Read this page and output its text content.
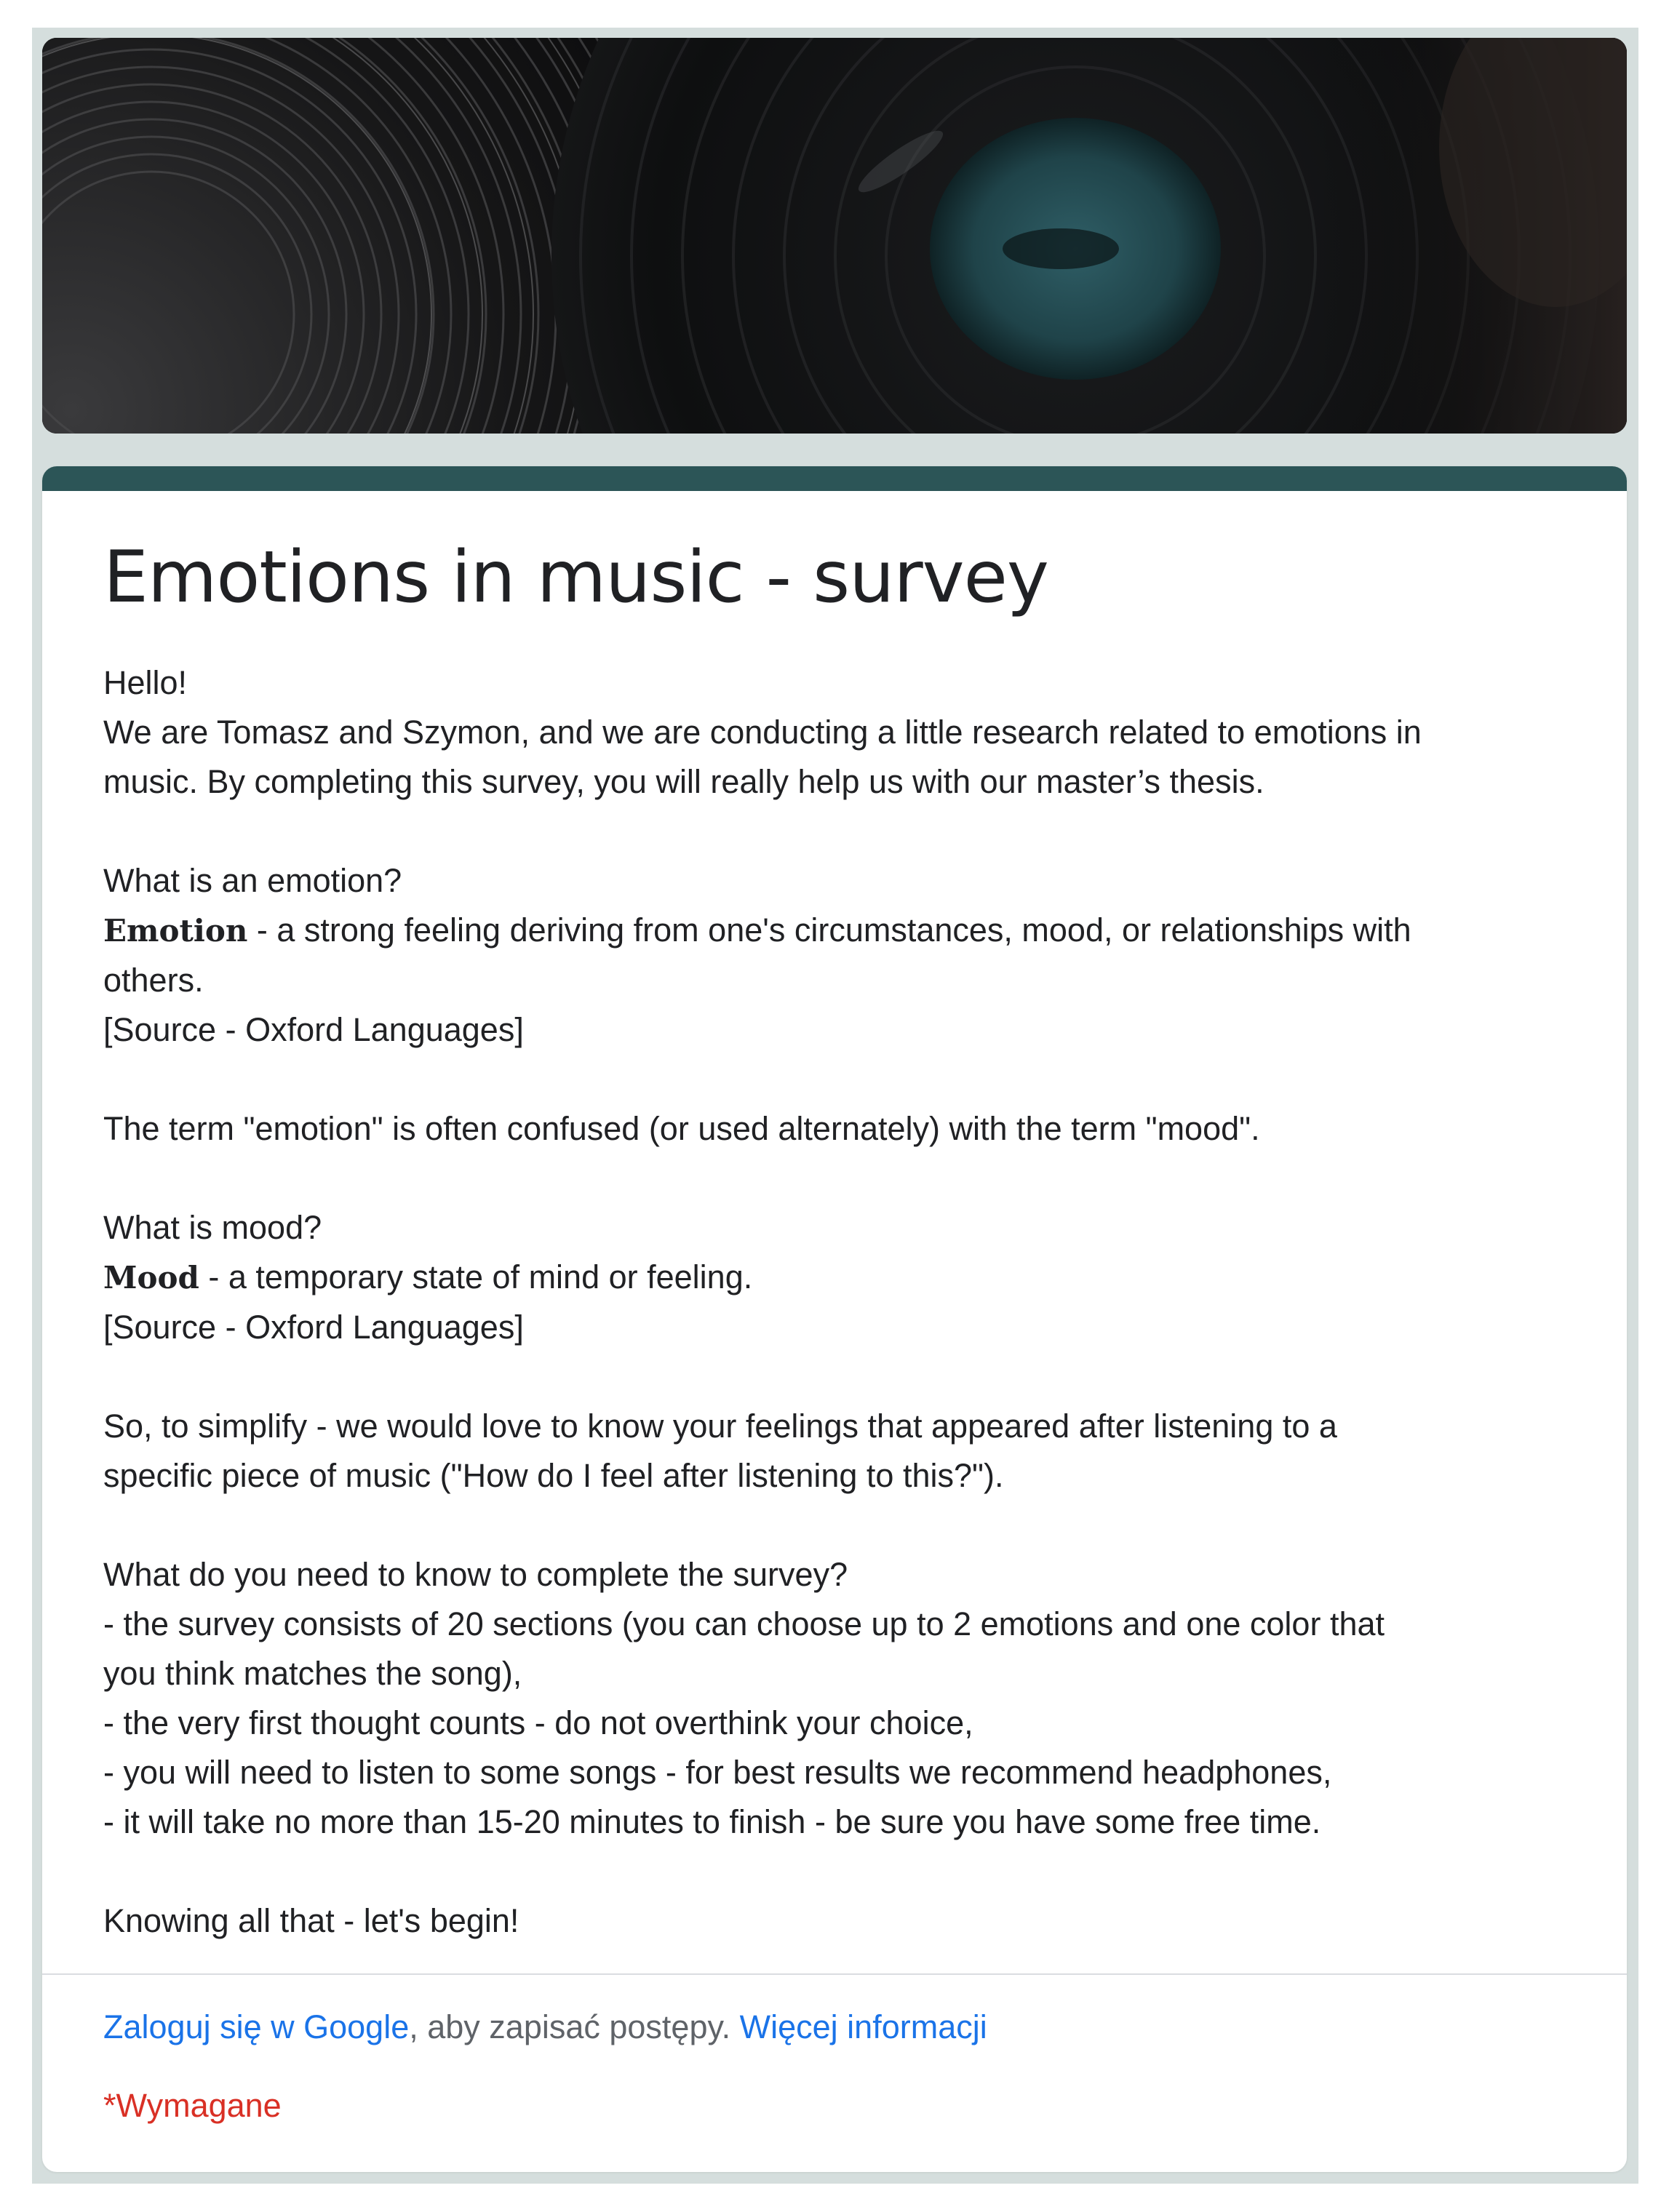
Emotions in music - survey
Hello!
We are Tomasz and Szymon, and we are conducting a little research related to emotions in
music. By completing this survey, you will really help us with our master’s thesis.
What is an emotion?
Emotion - a strong feeling deriving from one's circumstances, mood, or relationships with
others.
[Source - Oxford Languages]
The term "emotion" is often confused (or used alternately) with the term "mood".
What is mood?
Mood - a temporary state of mind or feeling.
[Source - Oxford Languages]
So, to simplify - we would love to know your feelings that appeared after listening to a
specific piece of music ("How do I feel after listening to this?").
What do you need to know to complete the survey?
- the survey consists of 20 sections (you can choose up to 2 emotions and one color that
you think matches the song),
- the very first thought counts - do not overthink your choice,
- you will need to listen to some songs - for best results we recommend headphones,
- it will take no more than 15-20 minutes to finish - be sure you have some free time.
Knowing all that - let's begin!
Zaloguj się w Google, aby zapisać postępy. Więcej informacji
*Wymagane
